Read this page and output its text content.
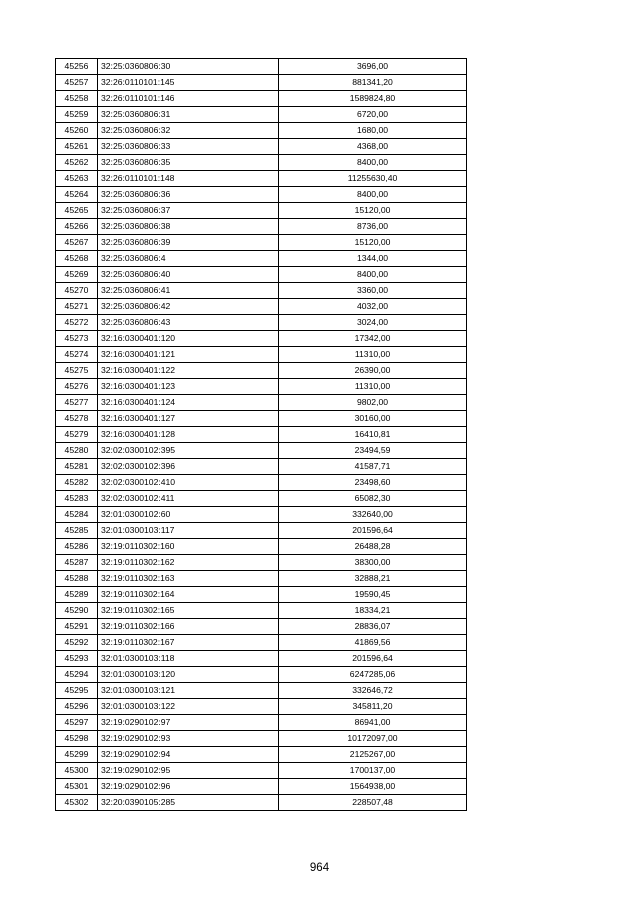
45256	32:25:0360806:30	3696,00
45257	32:26:0110101:145	881341,20
45258	32:26:0110101:146	1589824,80
45259	32:25:0360806:31	6720,00
45260	32:25:0360806:32	1680,00
45261	32:25:0360806:33	4368,00
45262	32:25:0360806:35	8400,00
45263	32:26:0110101:148	11255630,40
45264	32:25:0360806:36	8400,00
45265	32:25:0360806:37	15120,00
45266	32:25:0360806:38	8736,00
45267	32:25:0360806:39	15120,00
45268	32:25:0360806:4	1344,00
45269	32:25:0360806:40	8400,00
45270	32:25:0360806:41	3360,00
45271	32:25:0360806:42	4032,00
45272	32:25:0360806:43	3024,00
45273	32:16:0300401:120	17342,00
45274	32:16:0300401:121	11310,00
45275	32:16:0300401:122	26390,00
45276	32:16:0300401:123	11310,00
45277	32:16:0300401:124	9802,00
45278	32:16:0300401:127	30160,00
45279	32:16:0300401:128	16410,81
45280	32:02:0300102:395	23494,59
45281	32:02:0300102:396	41587,71
45282	32:02:0300102:410	23498,60
45283	32:02:0300102:411	65082,30
45284	32:01:0300102:60	332640,00
45285	32:01:0300103:117	201596,64
45286	32:19:0110302:160	26488,28
45287	32:19:0110302:162	38300,00
45288	32:19:0110302:163	32888,21
45289	32:19:0110302:164	19590,45
45290	32:19:0110302:165	18334,21
45291	32:19:0110302:166	28836,07
45292	32:19:0110302:167	41869,56
45293	32:01:0300103:118	201596,64
45294	32:01:0300103:120	6247285,06
45295	32:01:0300103:121	332646,72
45296	32:01:0300103:122	345811,20
45297	32:19:0290102:97	86941,00
45298	32:19:0290102:93	10172097,00
45299	32:19:0290102:94	2125267,00
45300	32:19:0290102:95	1700137,00
45301	32:19:0290102:96	1564938,00
45302	32:20:0390105:285	228507,48
964
